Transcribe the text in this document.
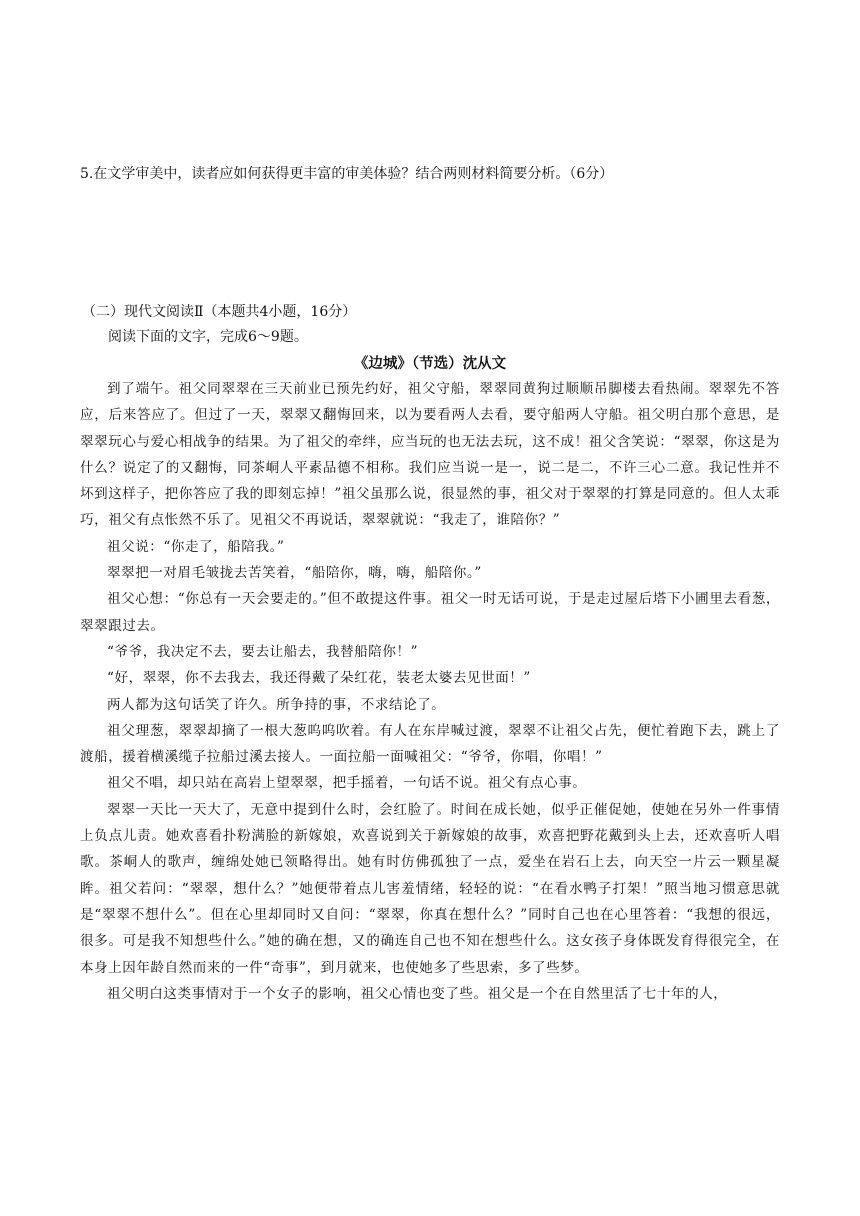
5.在文学审美中，读者应如何获得更丰富的审美体验？结合两则材料简要分析。（6分）
（二）现代文阅读Ⅱ（本题共4小题，16分）
阅读下面的文字，完成6～9题。
《边城》（节选）沈从文

到了端午。祖父同翠翠在三天前业已预先约好，祖父守船，翠翠同黄狗过顺顺吊脚楼去看热闹。翠翠先不答应，后来答应了。但过了一天，翠翠又翻悔回来，以为要看两人去看，要守船两人守船。祖父明白那个意思，是翠翠玩心与爱心相战争的结果。为了祖父的牵绊，应当玩的也无法去玩，这不成！祖父含笑说：“翠翠，你这是为什么？说定了的又翻悔，同茶峒人平素品德不相称。我们应当说一是一，说二是二，不许三心二意。我记性并不坏到这样子，把你答应了我的即刻忘掉！”祖父虽那么说，很显然的事，祖父对于翠翠的打算是同意的。但人太乖巧，祖父有点怅然不乐了。见祖父不再说话，翠翠就说：“我走了，谁陪你？”

祖父说：“你走了，船陪我。”

翠翠把一对眉毛皱拢去苦笑着，“船陪你，嗨，嗨，船陪你。”

祖父心想：“你总有一天会要走的。”但不敢提这件事。祖父一时无话可说，于是走过屋后塔下小圃里去看葱，翠翠跟过去。

“爷爷，我决定不去，要去让船去，我替船陪你！”

“好，翠翠，你不去我去，我还得戴了朵红花，装老太婆去见世面！”

两人都为这句话笑了许久。所争持的事，不求结论了。

祖父理葱，翠翠却摘了一根大葱呜呜吹着。有人在东岸喊过渡，翠翠不让祖父占先，便忙着跑下去，跳上了渡船，援着横溪缆子拉船过溪去接人。一面拉船一面喊祖父：“爷爷，你唱，你唱！”

祖父不唱，却只站在高岩上望翠翠，把手摇着，一句话不说。祖父有点心事。

翠翠一天比一天大了，无意中提到什么时，会红脸了。时间在成长她，似乎正催促她，使她在另外一件事情上负点儿责。她欢喜看扑粉满脸的新嫁娘，欢喜说到关于新嫁娘的故事，欢喜把野花戴到头上去，还欢喜听人唱歌。茶峒人的歌声，缠绵处她已领略得出。她有时仿佛孤独了一点，爱坐在岩石上去，向天空一片云一颗星凝眸。祖父若问：“翠翠，想什么？”她便带着点儿害羞情绪，轻轻的说：“在看水鸭子打架！”照当地习惯意思就是“翠翠不想什么”。但在心里却同时又自问：“翠翠，你真在想什么？”同时自己也在心里答着：“我想的很远，很多。可是我不知想些什么。”她的确在想，又的确连自己也不知在想些什么。这女孩子身体既发育得很完全，在本身上因年龄自然而来的一件“奇事”，到月就来，也使她多了些思索，多了些梦。

祖父明白这类事情对于一个女子的影响，祖父心情也变了些。祖父是一个在自然里活了七十年的人，
